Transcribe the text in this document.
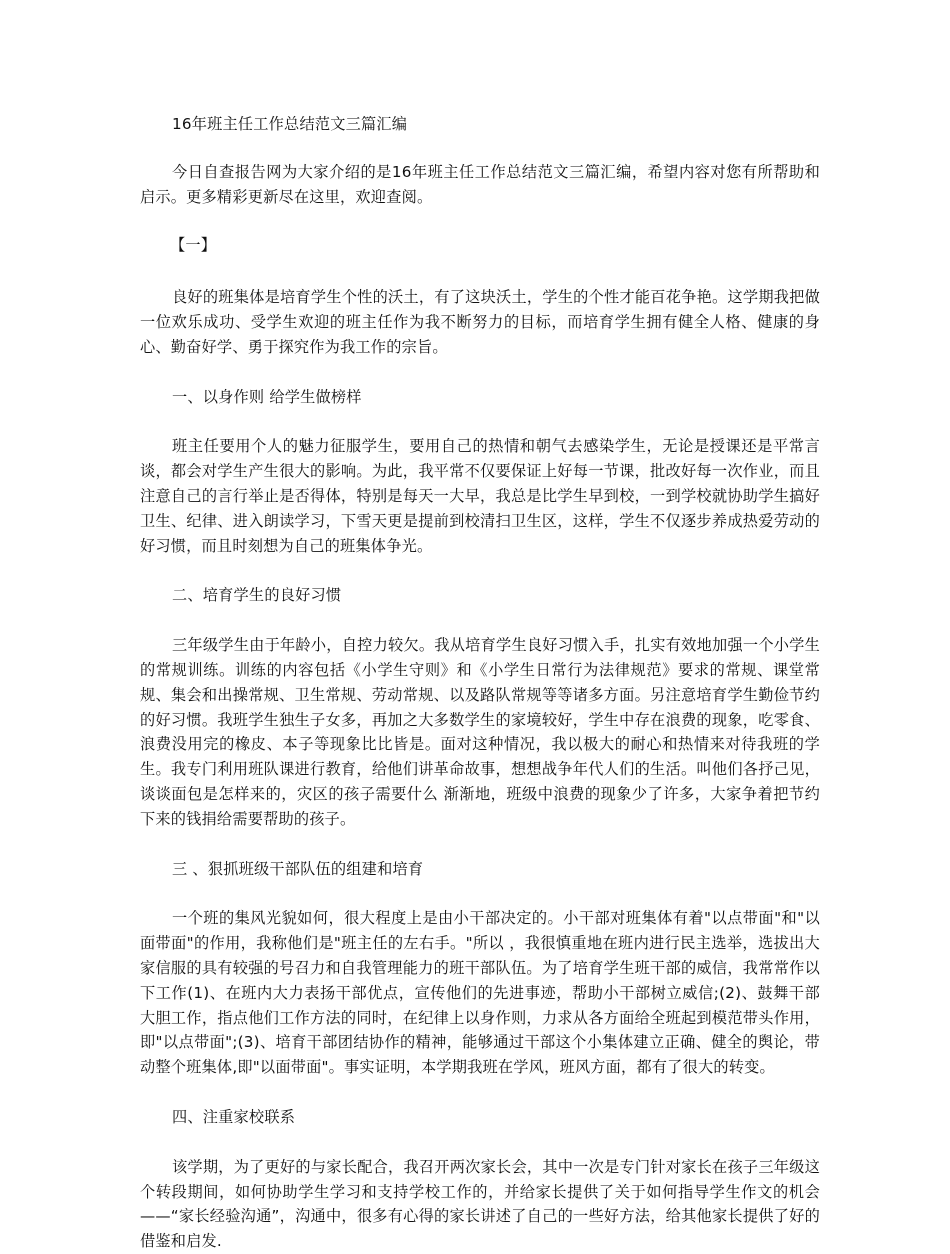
16年班主任工作总结范文三篇汇编

今日自查报告网为大家介绍的是16年班主任工作总结范文三篇汇编，希望内容对您有所帮助和启示。更多精彩更新尽在这里，欢迎查阅。

【一】

良好的班集体是培育学生个性的沃土，有了这块沃土，学生的个性才能百花争艳。这学期我把做一位欢乐成功、受学生欢迎的班主任作为我不断努力的目标，而培育学生拥有健全人格、健康的身心、勤奋好学、勇于探究作为我工作的宗旨。

一、以身作则 给学生做榜样

班主任要用个人的魅力征服学生，要用自己的热情和朝气去感染学生，无论是授课还是平常言谈，都会对学生产生很大的影响。为此，我平常不仅要保证上好每一节课，批改好每一次作业，而且注意自己的言行举止是否得体，特别是每天一大早，我总是比学生早到校，一到学校就协助学生搞好卫生、纪律、进入朗读学习，下雪天更是提前到校清扫卫生区，这样，学生不仅逐步养成热爱劳动的好习惯，而且时刻想为自己的班集体争光。

二、培育学生的良好习惯

三年级学生由于年龄小，自控力较欠。我从培育学生良好习惯入手，扎实有效地加强一个小学生的常规训练。训练的内容包括《小学生守则》和《小学生日常行为法律规范》要求的常规、课堂常规、集会和出操常规、卫生常规、劳动常规、以及路队常规等等诸多方面。另注意培育学生勤俭节约的好习惯。我班学生独生子女多，再加之大多数学生的家境较好，学生中存在浪费的现象，吃零食、浪费没用完的橡皮、本子等现象比比皆是。面对这种情况，我以极大的耐心和热情来对待我班的学生。我专门利用班队课进行教育，给他们讲革命故事，想想战争年代人们的生活。叫他们各抒己见，谈谈面包是怎样来的，灾区的孩子需要什么 渐渐地，班级中浪费的现象少了许多，大家争着把节约下来的钱捐给需要帮助的孩子。

三 、狠抓班级干部队伍的组建和培育

一个班的集风光貌如何，很大程度上是由小干部决定的。小干部对班集体有着"以点带面"和"以面带面"的作用，我称他们是"班主任的左右手。"所以 ，我很慎重地在班内进行民主选举，选拔出大家信服的具有较强的号召力和自我管理能力的班干部队伍。为了培育学生班干部的威信，我常常作以下工作(1)、在班内大力表扬干部优点，宣传他们的先进事迹，帮助小干部树立威信;(2)、鼓舞干部大胆工作，指点他们工作方法的同时，在纪律上以身作则，力求从各方面给全班起到模范带头作用，即"以点带面";(3)、培育干部团结协作的精神，能够通过干部这个小集体建立正确、健全的舆论，带动整个班集体,即"以面带面"。事实证明，本学期我班在学风，班风方面，都有了很大的转变。

四、注重家校联系

该学期，为了更好的与家长配合，我召开两次家长会，其中一次是专门针对家长在孩子三年级这个转段期间，如何协助学生学习和支持学校工作的，并给家长提供了关于如何指导学生作文的机会——“家长经验沟通”，沟通中，很多有心得的家长讲述了自己的一些好方法，给其他家长提供了好的借鉴和启发.
